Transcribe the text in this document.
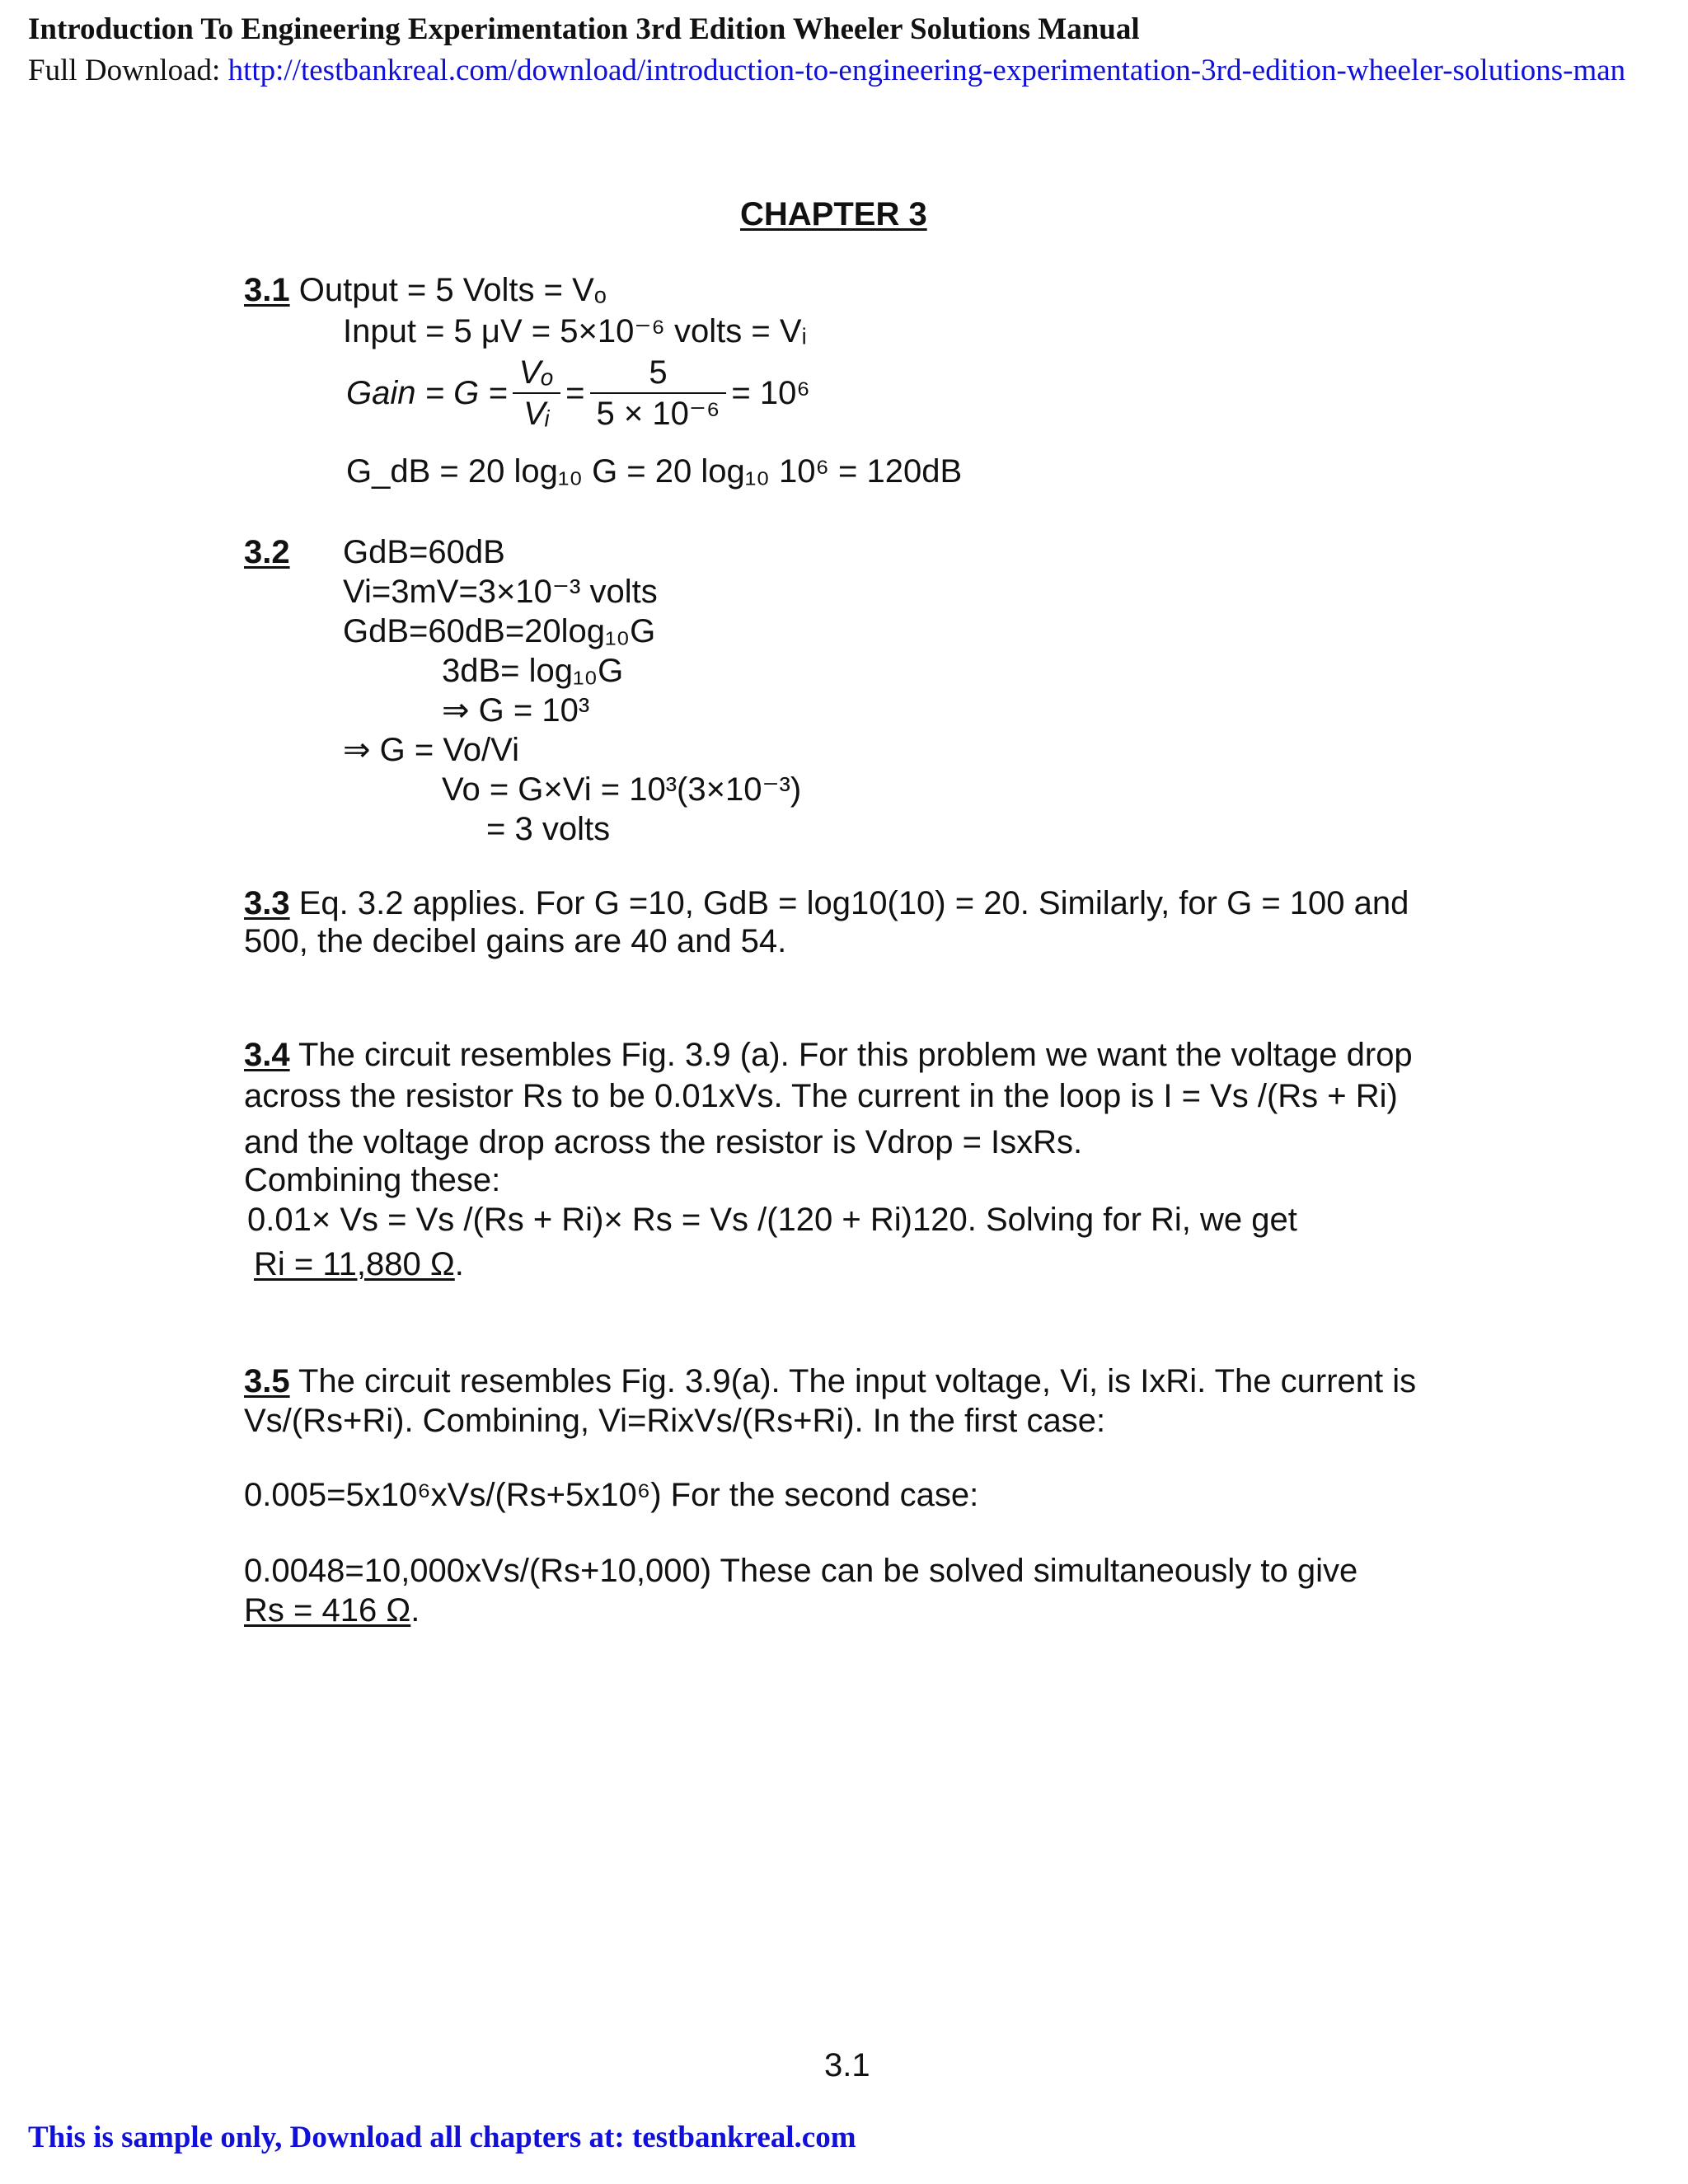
Introduction To Engineering Experimentation 3rd Edition Wheeler Solutions Manual
Full Download: http://testbankreal.com/download/introduction-to-engineering-experimentation-3rd-edition-wheeler-solutions-man
CHAPTER 3
3.1 Output = 5 Volts = Vₒ
Input = 5 μV = 5×10⁻⁶ volts = Vᵢ
Gain = $G = \frac{\text{Vₒ}}{\text{Vᵢ}} = \frac{5}{\text{5 × 10⁻⁶}} = 10^6$
G_dB = 20 log₁₀ G = 20 log₁₀ 10⁶ = 120dB
3.2 GdB=60dB
Vi=3mV=3×10⁻³ volts
GdB=60dB=20log₁₀G
3dB= log₁₀G
⇒ G = 10³
⇒ G = Vo/Vi
Vo = G×Vi = 10³(3×10⁻³)
= 3 volts
3.3 Eq. 3.2 applies. For G =10, GdB = log10(10) = 20. Similarly, for G = 100 and
500, the decibel gains are 40 and 54.
3.4 The circuit resembles Fig. 3.9 (a). For this problem we want the voltage drop
across the resistor Rs to be 0.01xVs. The current in the loop is I = Vs /(Rs + Ri)
and the voltage drop across the resistor is Vdrop = IsxRs.
Combining these:
0.01× Vs = Vs /(Rs + Ri)× Rs = Vs /(120 + Ri)120. Solving for Ri, we get
Ri = 11,880 Ω.
3.5 The circuit resembles Fig. 3.9(a). The input voltage, Vi, is IxRi. The current is
Vs/(Rs+Ri). Combining, Vi=RixVs/(Rs+Ri). In the first case:
0.005=5x10⁶xVs/(Rs+5x10⁶) For the second case:
0.0048=10,000xVs/(Rs+10,000) These can be solved simultaneously to give
Rs = 416 Ω.
3.1
This is sample only, Download all chapters at: testbankreal.com
